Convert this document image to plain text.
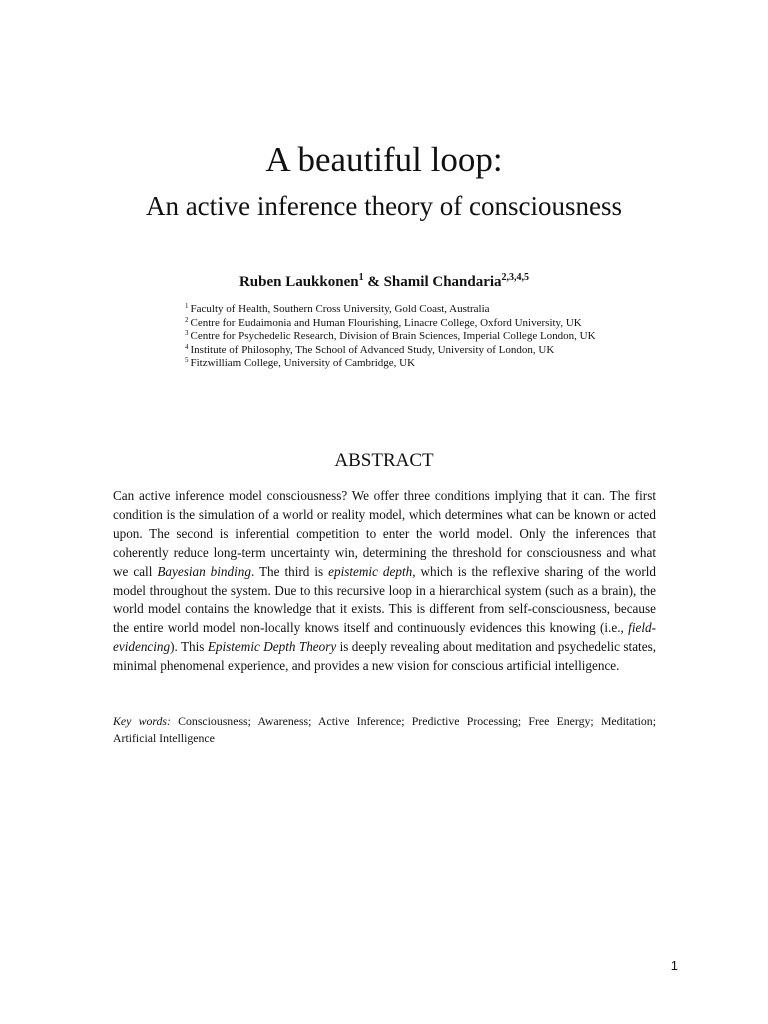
A beautiful loop:
An active inference theory of consciousness
Ruben Laukkonen$^1$ & Shamil Chandaria$^{2,3,4,5}$
$^1$ Faculty of Health, Southern Cross University, Gold Coast, Australia
$^2$ Centre for Eudaimonia and Human Flourishing, Linacre College, Oxford University, UK
$^3$ Centre for Psychedelic Research, Division of Brain Sciences, Imperial College London, UK
$^4$ Institute of Philosophy, The School of Advanced Study, University of London, UK
$^5$ Fitzwilliam College, University of Cambridge, UK
ABSTRACT
Can active inference model consciousness? We offer three conditions implying that it can. The first condition is the simulation of a world or reality model, which determines what can be known or acted upon. The second is inferential competition to enter the world model. Only the inferences that coherently reduce long-term uncertainty win, determining the threshold for consciousness and what we call Bayesian binding. The third is epistemic depth, which is the reflexive sharing of the world model throughout the system. Due to this recursive loop in a hierarchical system (such as a brain), the world model contains the knowledge that it exists. This is different from self-consciousness, because the entire world model non-locally knows itself and continuously evidences this knowing (i.e., field-evidencing). This Epistemic Depth Theory is deeply revealing about meditation and psychedelic states, minimal phenomenal experience, and provides a new vision for conscious artificial intelligence.
Key words: Consciousness; Awareness; Active Inference; Predictive Processing; Free Energy; Meditation; Artificial Intelligence
1
